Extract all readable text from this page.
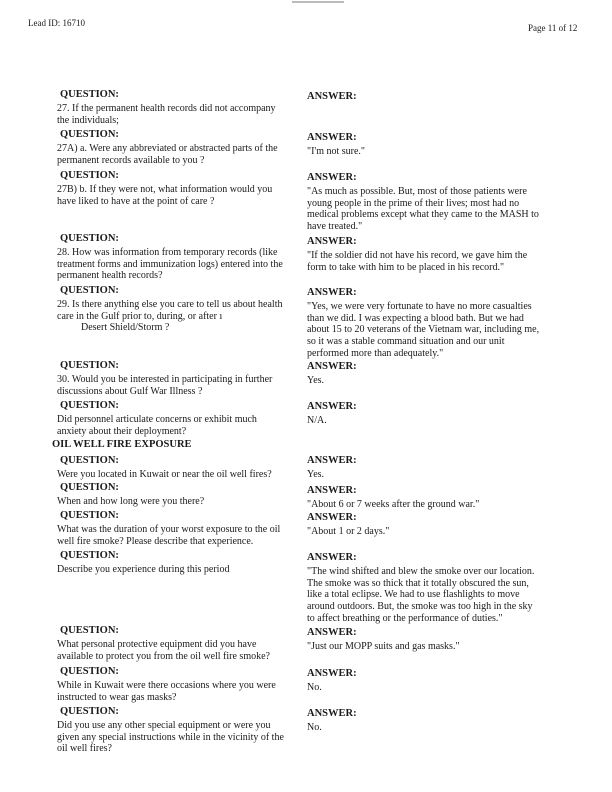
Lead ID: 16710	Page 11 of 12
OIL WELL FIRE EXPOSURE
QUESTION:
27. If the permanent health records did not accompany
the individuals;
ANSWER:
QUESTION:
27A) a. Were any abbreviated or abstracted parts of the
permanent records available to you ?
ANSWER:
"I'm not sure."
QUESTION:
27B) b. If they were not, what information would you
have liked to have at the point of care ?
ANSWER:
"As much as possible. But, most of those patients were
young people in the prime of their lives; most had no
medical problems except what they came to the MASH to
have treated."
QUESTION:
28. How was information from temporary records (like
treatment forms and immunization logs) entered into the
permanent health records?
ANSWER:
"If the soldier did not have his record, we gave him the
form to take with him to be placed in his record."
QUESTION:
29. Is there anything else you care to tell us about health
care in the Gulf prior to, during, or after ı
Desert Shield/Storm ?
ANSWER:
"Yes, we were very fortunate to have no more casualties
than we did. I was expecting a blood bath. But we had
about 15 to 20 veterans of the Vietnam war, including me,
so it was a stable command situation and our unit
performed more than adequately."
QUESTION:
30. Would you be interested in participating in further
discussions about Gulf War Illness ?
ANSWER:
Yes.
QUESTION:
Did personnel articulate concerns or exhibit much
anxiety about their deployment?
ANSWER:
N/A.
QUESTION:
Were you located in Kuwait or near the oil well fires?
ANSWER:
Yes.
QUESTION:
When and how long were you there?
ANSWER:
"About 6 or 7 weeks after the ground war."
QUESTION:
What was the duration of your worst exposure to the oil
well fire smoke? Please describe that experience.
ANSWER:
"About 1 or 2 days."
QUESTION:
Describe you experience during this period
ANSWER:
"The wind shifted and blew the smoke over our location.
The smoke was so thick that it totally obscured the sun,
like a total eclipse. We had to use flashlights to move
around outdoors. But, the smoke was too high in the sky
to affect breathing or the performance of duties."
QUESTION:
What personal protective equipment did you have
available to protect you from the oil well fire smoke?
ANSWER:
"Just our MOPP suits and gas masks."
QUESTION:
While in Kuwait were there occasions where you were
instructed to wear gas masks?
ANSWER:
No.
QUESTION:
Did you use any other special equipment or were you
given any special instructions while in the vicinity of the
oil well fires?
ANSWER:
No.
